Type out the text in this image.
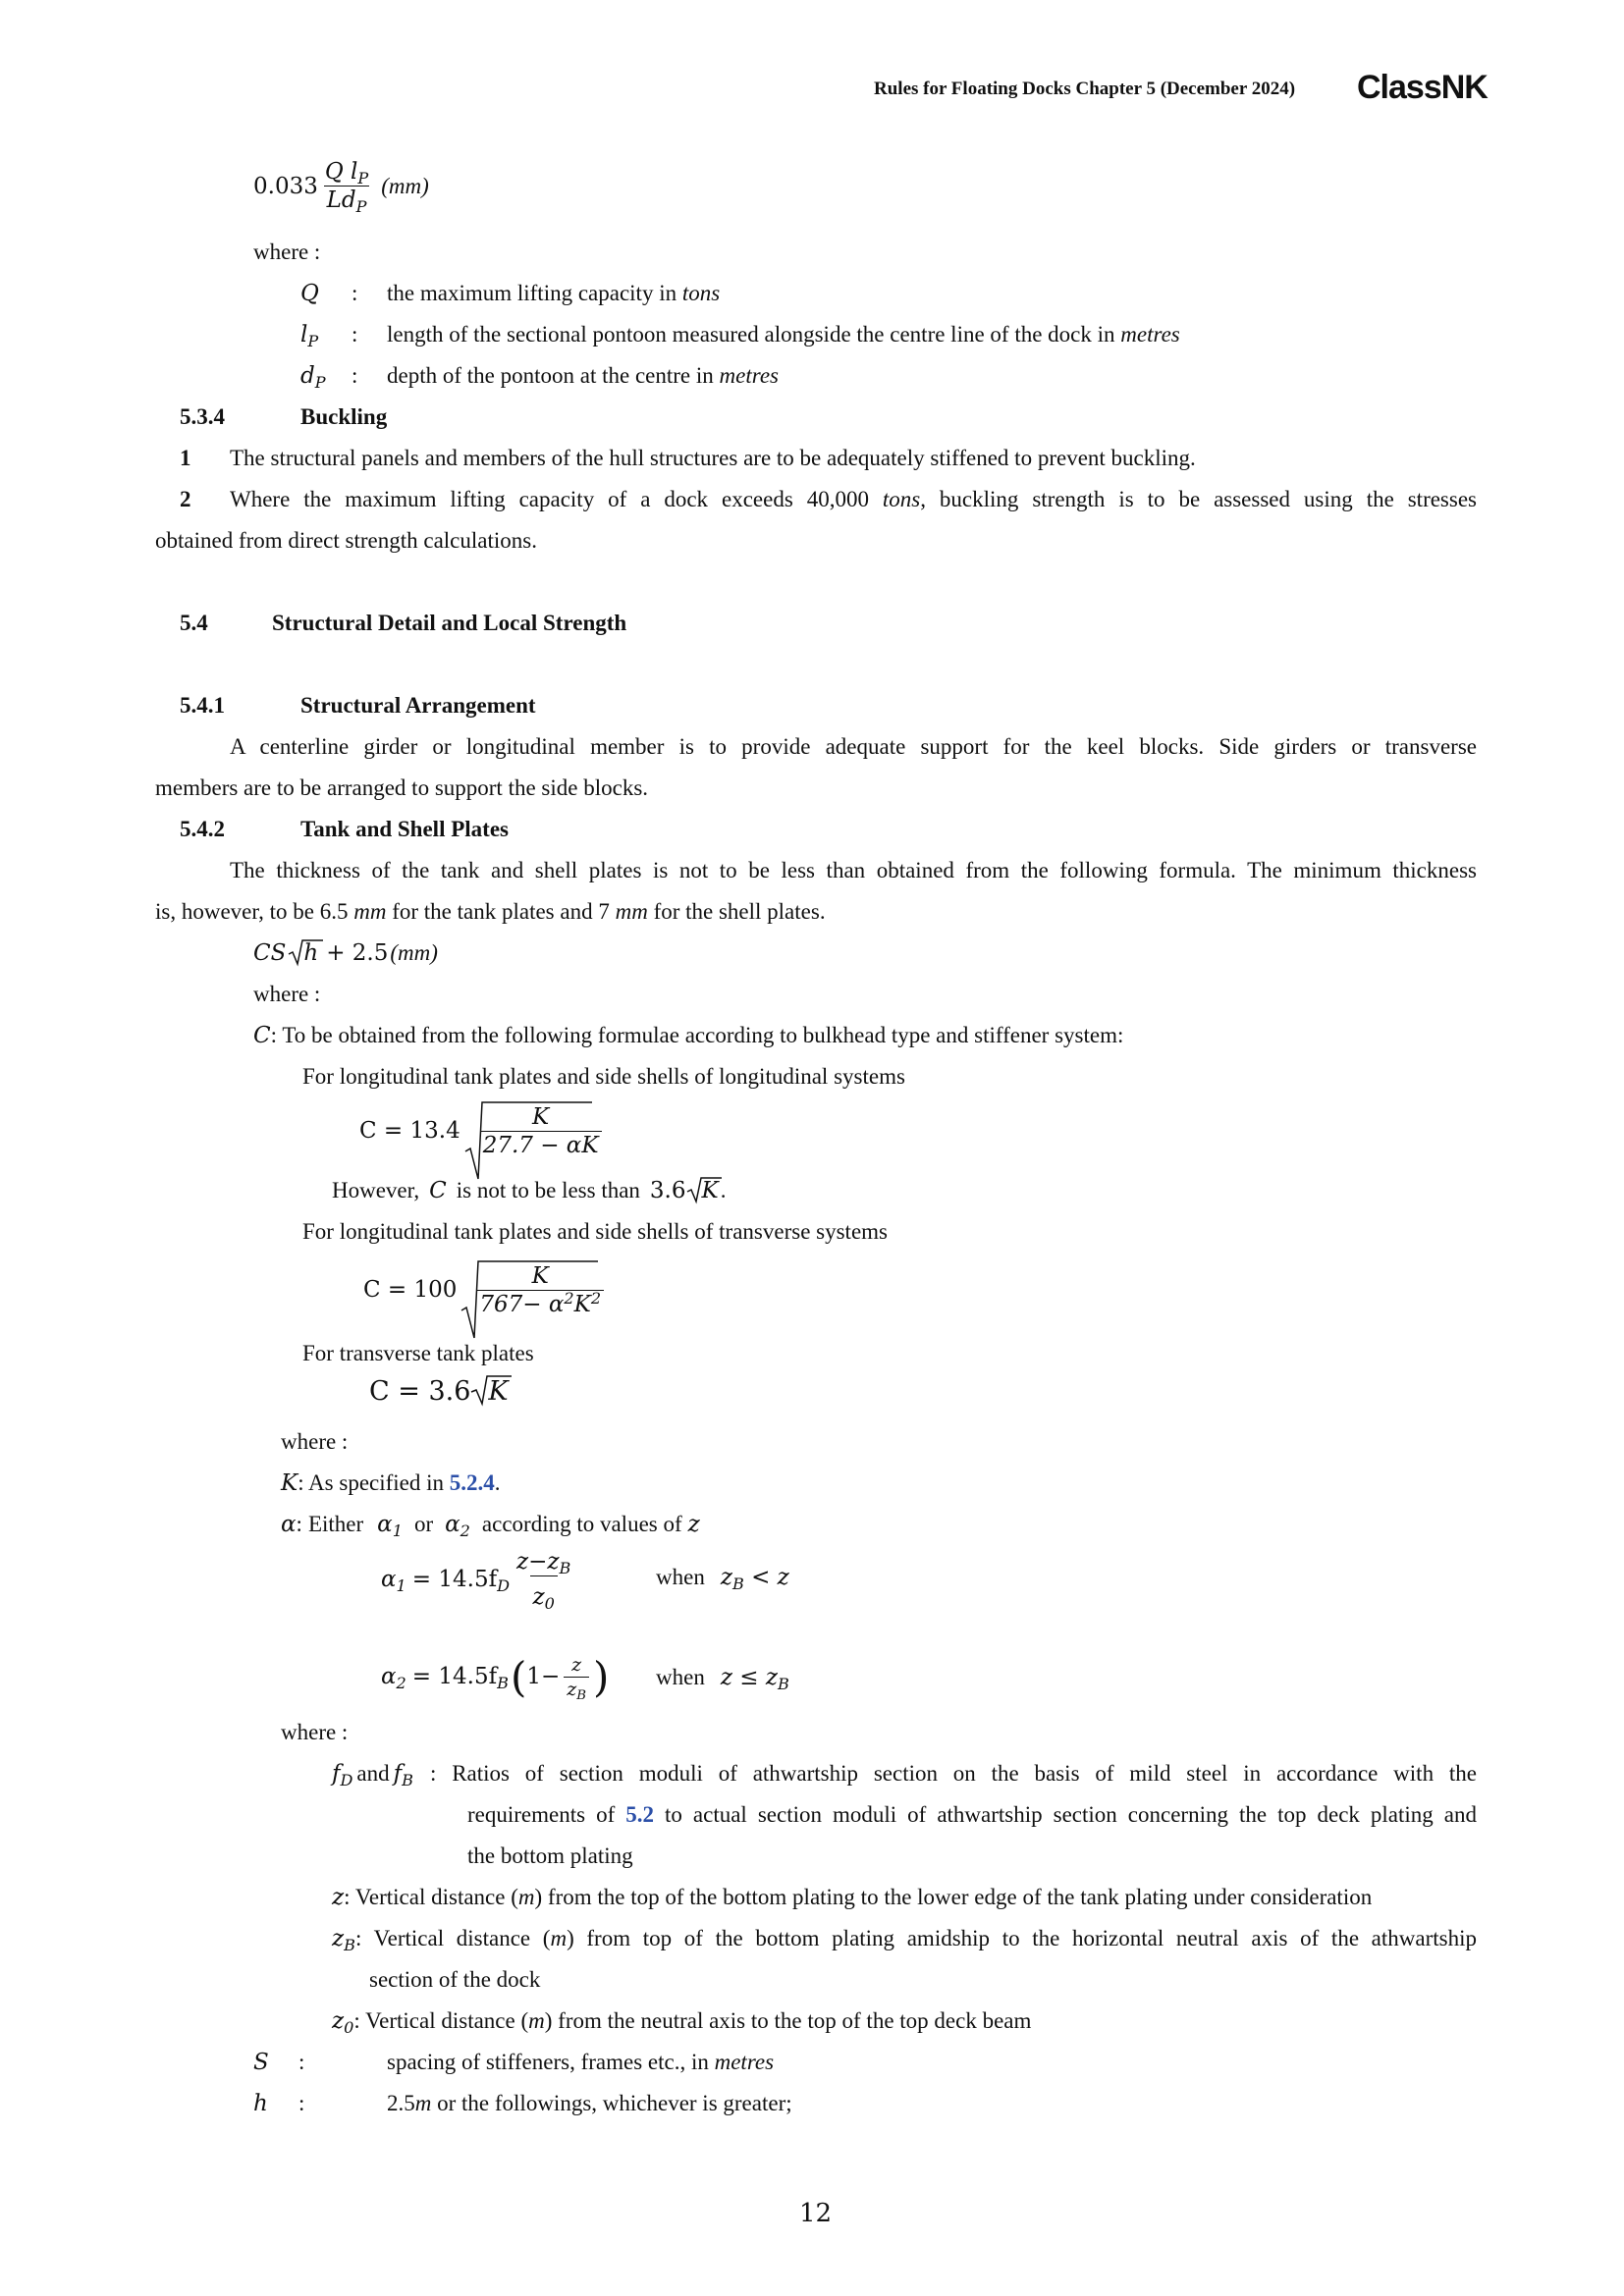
Rules for Floating Docks Chapter 5 (December 2024) ClassNK
$0.033 \frac{Q l_P}{Ld_P} (mm)$
where :
Q : the maximum lifting capacity in tons
$l_P$ : length of the sectional pontoon measured alongside the centre line of the dock in metres
$d_P$ : depth of the pontoon at the centre in metres
5.3.4	Buckling
1 The structural panels and members of the hull structures are to be adequately stiffened to prevent buckling.
2 Where the maximum lifting capacity of a dock exceeds 40,000 tons, buckling strength is to be assessed using the stresses
obtained from direct strength calculations.
5.4	Structural Detail and Local Strength
5.4.1	Structural Arrangement
A centerline girder or longitudinal member is to provide adequate support for the keel blocks. Side girders or transverse
members are to be arranged to support the side blocks.
5.4.2	Tank and Shell Plates
The thickness of the tank and shell plates is not to be less than obtained from the following formula. The minimum thickness
is, however, to be 6.5 mm for the tank plates and 7 mm for the shell plates.
CS h + 2.5 (mm)
where :
C: To be obtained from the following formulae according to bulkhead type and stiffener system:
For longitudinal tank plates and side shells of longitudinal systems
$C = 13.4 \frac{K}{27.7 - \alpha K}$
However, C is not to be less than 3.6 K .
For longitudinal tank plates and side shells of transverse systems
$C = 100 \frac{K}{767- \alpha^2K^2}$
For transverse tank plates
C = 3.6 K
where :
K: As specified in 5.2.4.
α : Either $\alpha_1$ or $\alpha_2$ according to values of z
$\alpha_1 = 14.5f_D \frac{z-z_B}{z_0}$	when $z_B < z$
$\alpha_2 = 14.5f_B$ ( $1- \frac{z}{z_B}$ ) when $z \le z_B$
where :
$f_D$ and $f_B$ : Ratios of section moduli of athwartship section on the basis of mild steel in accordance with the
requirements of 5.2 to actual section moduli of athwartship section concerning the top deck plating and
the bottom plating
z: Vertical distance (m) from the top of the bottom plating to the lower edge of the tank plating under consideration
$z_B$: Vertical distance (m) from top of the bottom plating amidship to the horizontal neutral axis of the athwartship
section of the dock
$z_0$: Vertical distance (m) from the neutral axis to the top of the top deck beam
S :	spacing of stiffeners, frames etc., in metres
h :	2.5m or the followings, whichever is greater;
12
